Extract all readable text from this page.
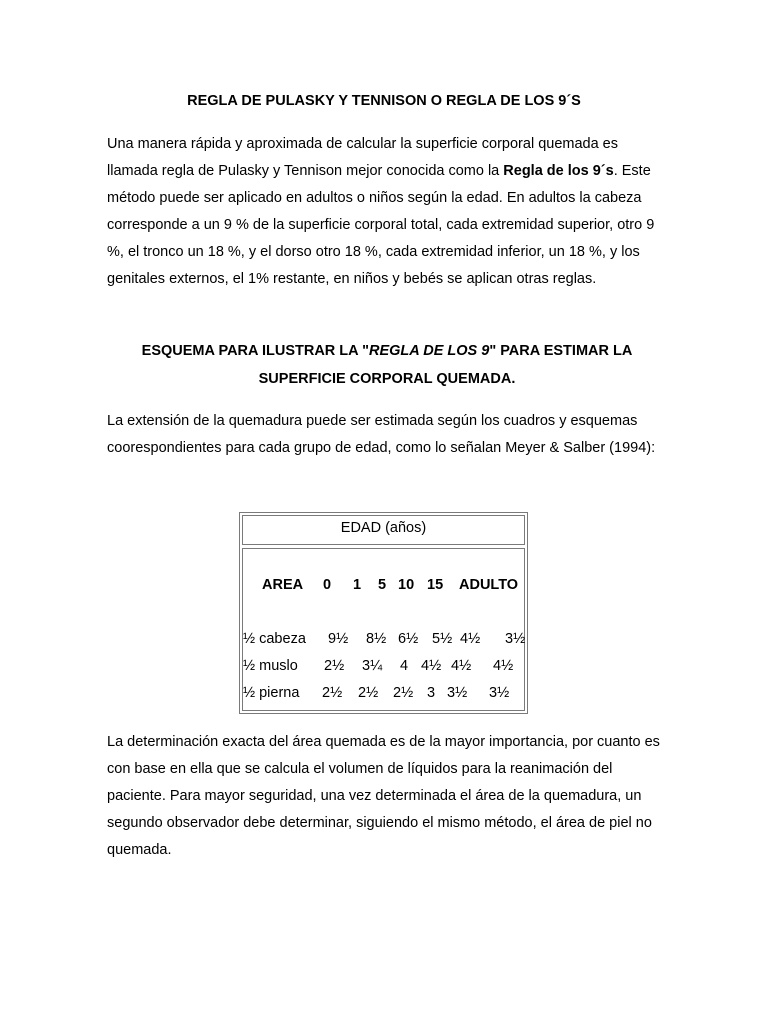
REGLA DE PULASKY Y TENNISON O REGLA DE LOS 9´S

Una manera rápida y aproximada de calcular la superficie corporal quemada es llamada regla de Pulasky y Tennison mejor conocida como la Regla de los 9´s. Este método puede ser aplicado en adultos o niños según la edad. En adultos la cabeza corresponde a un 9 % de la superficie corporal total, cada extremidad superior, otro 9 %, el tronco un 18 %, y el dorso otro 18 %, cada extremidad inferior, un 18 %, y los genitales externos, el 1% restante, en niños y bebés se aplican otras reglas.

ESQUEMA PARA ILUSTRAR LA "REGLA DE LOS 9" PARA ESTIMAR LA SUPERFICIE CORPORAL QUEMADA.

La extensión de la quemadura puede ser estimada según los cuadros y esquemas coorespondientes para cada grupo de edad, como lo señalan Meyer & Salber (1994):

EDAD (años)
AREA 0 1 5 10 15 ADULTO
½ cabeza 9½ 8½ 6½ 5½ 4½ 3½
½ muslo 2½ 3¼ 4 4½ 4½ 4½
½ pierna 2½ 2½ 2½ 3 3½ 3½

La determinación exacta del área quemada es de la mayor importancia, por cuanto es con base en ella que se calcula el volumen de líquidos para la reanimación del paciente. Para mayor seguridad, una vez determinada el área de la quemadura, un segundo observador debe determinar, siguiendo el mismo método, el área de piel no quemada.
